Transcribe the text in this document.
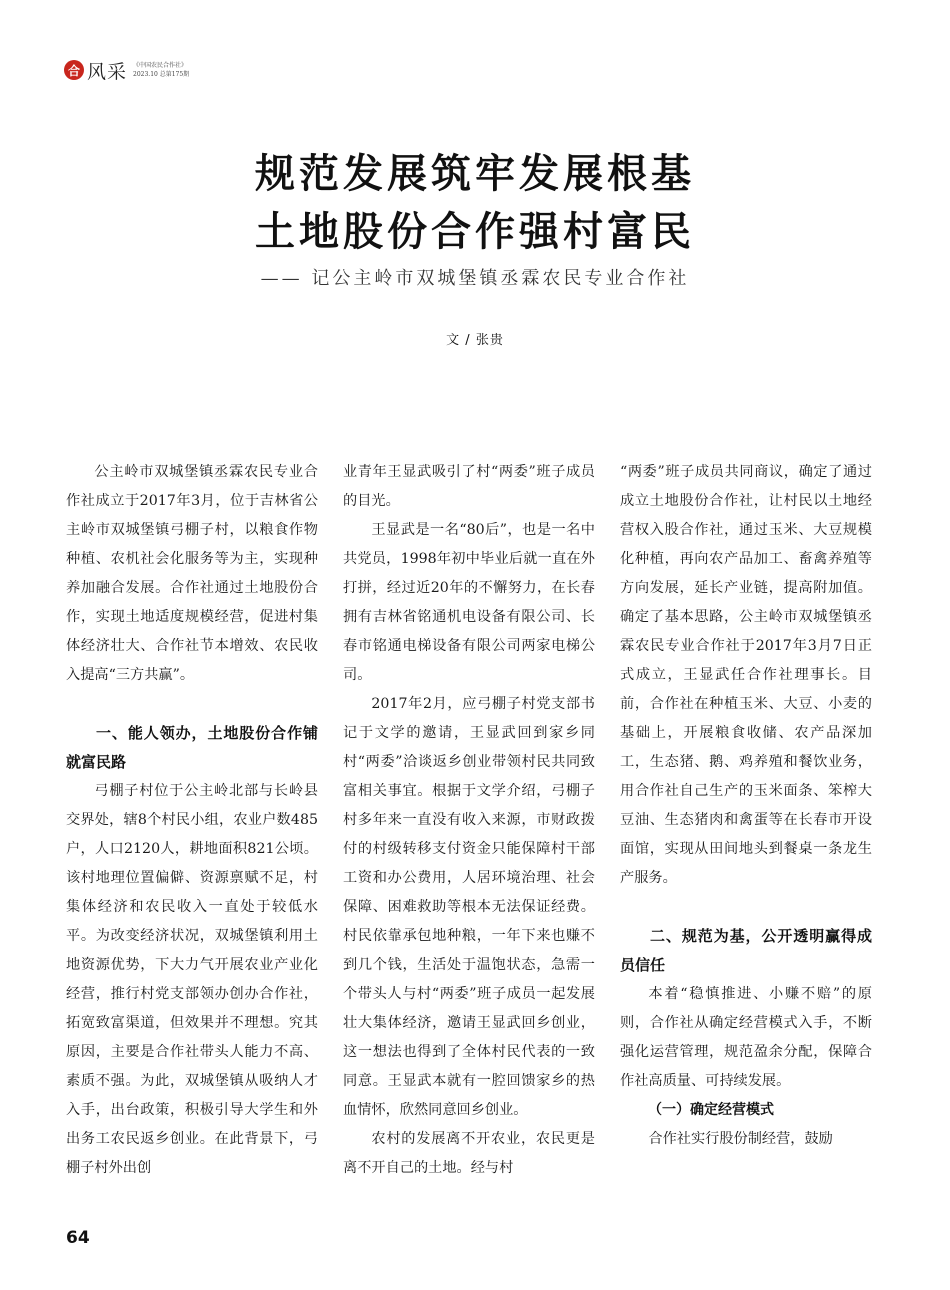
合 风采 《中国农民合作社》
2023.10 总第175期
规范发展筑牢发展根基
土地股份合作强村富民
—— 记公主岭市双城堡镇丞霖农民专业合作社
文 / 张贵

公主岭市双城堡镇丞霖农民专业合作社成立于2017年3月，位于吉林省公主岭市双城堡镇弓棚子村，以粮食作物种植、农机社会化服务等为主，实现种养加融合发展。合作社通过土地股份合作，实现土地适度规模经营，促进村集体经济壮大、合作社节本增效、农民收入提高“三方共赢”。

一、能人领办，土地股份合作铺就富民路

弓棚子村位于公主岭北部与长岭县交界处，辖8个村民小组，农业户数485户，人口2120人，耕地面积821公顷。该村地理位置偏僻、资源禀赋不足，村集体经济和农民收入一直处于较低水平。为改变经济状况，双城堡镇利用土地资源优势，下大力气开展农业产业化经营，推行村党支部领办创办合作社，拓宽致富渠道，但效果并不理想。究其原因，主要是合作社带头人能力不高、素质不强。为此，双城堡镇从吸纳人才入手，出台政策，积极引导大学生和外出务工农民返乡创业。在此背景下，弓棚子村外出创

业青年王显武吸引了村“两委”班子成员的目光。

王显武是一名“80后”，也是一名中共党员，1998年初中毕业后就一直在外打拼，经过近20年的不懈努力，在长春拥有吉林省铭通机电设备有限公司、长春市铭通电梯设备有限公司两家电梯公司。

2017年2月，应弓棚子村党支部书记于文学的邀请，王显武回到家乡同村“两委”洽谈返乡创业带领村民共同致富相关事宜。根据于文学介绍，弓棚子村多年来一直没有收入来源，市财政拨付的村级转移支付资金只能保障村干部工资和办公费用，人居环境治理、社会保障、困难救助等根本无法保证经费。村民依靠承包地种粮，一年下来也赚不到几个钱，生活处于温饱状态，急需一个带头人与村“两委”班子成员一起发展壮大集体经济，邀请王显武回乡创业，这一想法也得到了全体村民代表的一致同意。王显武本就有一腔回馈家乡的热血情怀，欣然同意回乡创业。

农村的发展离不开农业，农民更是离不开自己的土地。经与村

“两委”班子成员共同商议，确定了通过成立土地股份合作社，让村民以土地经营权入股合作社，通过玉米、大豆规模化种植，再向农产品加工、畜禽养殖等方向发展，延长产业链，提高附加值。确定了基本思路，公主岭市双城堡镇丞霖农民专业合作社于2017年3月7日正式成立，王显武任合作社理事长。目前，合作社在种植玉米、大豆、小麦的基础上，开展粮食收储、农产品深加工，生态猪、鹅、鸡养殖和餐饮业务，用合作社自己生产的玉米面条、笨榨大豆油、生态猪肉和禽蛋等在长春市开设面馆，实现从田间地头到餐桌一条龙生产服务。

二、规范为基，公开透明赢得成员信任

本着“稳慎推进、小赚不赔”的原则，合作社从确定经营模式入手，不断强化运营管理，规范盈余分配，保障合作社高质量、可持续发展。

（一）确定经营模式

合作社实行股份制经营，鼓励

64
